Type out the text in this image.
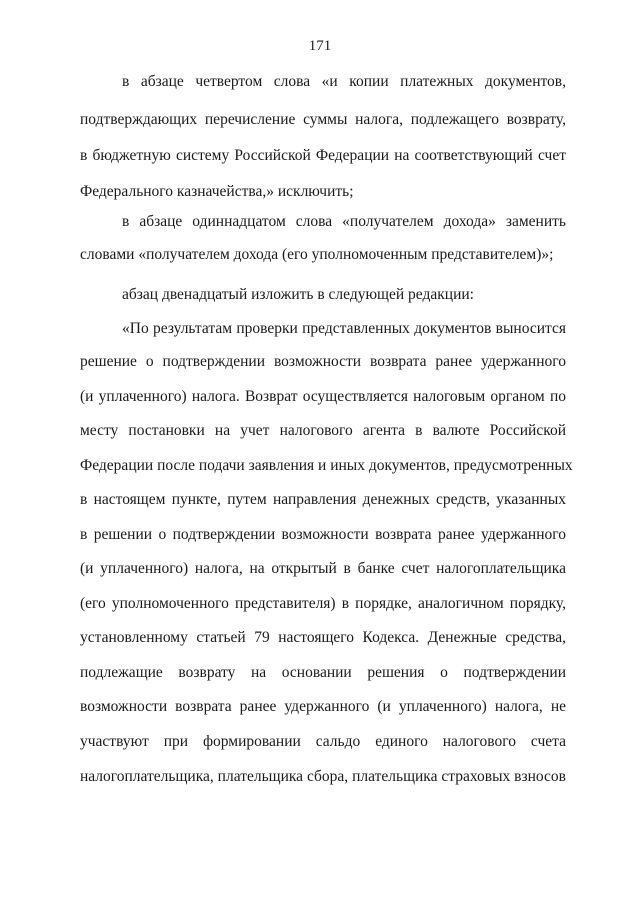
171
в абзаце четвертом слова «и копии платежных документов,
подтверждающих перечисление суммы налога, подлежащего возврату,
в бюджетную систему Российской Федерации на соответствующий счет
Федерального казначейства,» исключить;
в абзаце одиннадцатом слова «получателем дохода» заменить
словами «получателем дохода (его уполномоченным представителем)»;
абзац двенадцатый изложить в следующей редакции:
«По результатам проверки представленных документов выносится
решение о подтверждении возможности возврата ранее удержанного
(и уплаченного) налога. Возврат осуществляется налоговым органом по
месту постановки на учет налогового агента в валюте Российской
Федерации после подачи заявления и иных документов, предусмотренных
в настоящем пункте, путем направления денежных средств, указанных
в решении о подтверждении возможности возврата ранее удержанного
(и уплаченного) налога, на открытый в банке счет налогоплательщика
(его уполномоченного представителя) в порядке, аналогичном порядку,
установленному статьей 79 настоящего Кодекса. Денежные средства,
подлежащие возврату на основании решения о подтверждении
возможности возврата ранее удержанного (и уплаченного) налога, не
участвуют при формировании сальдо единого налогового счета
налогоплательщика, плательщика сбора, плательщика страховых взносов
